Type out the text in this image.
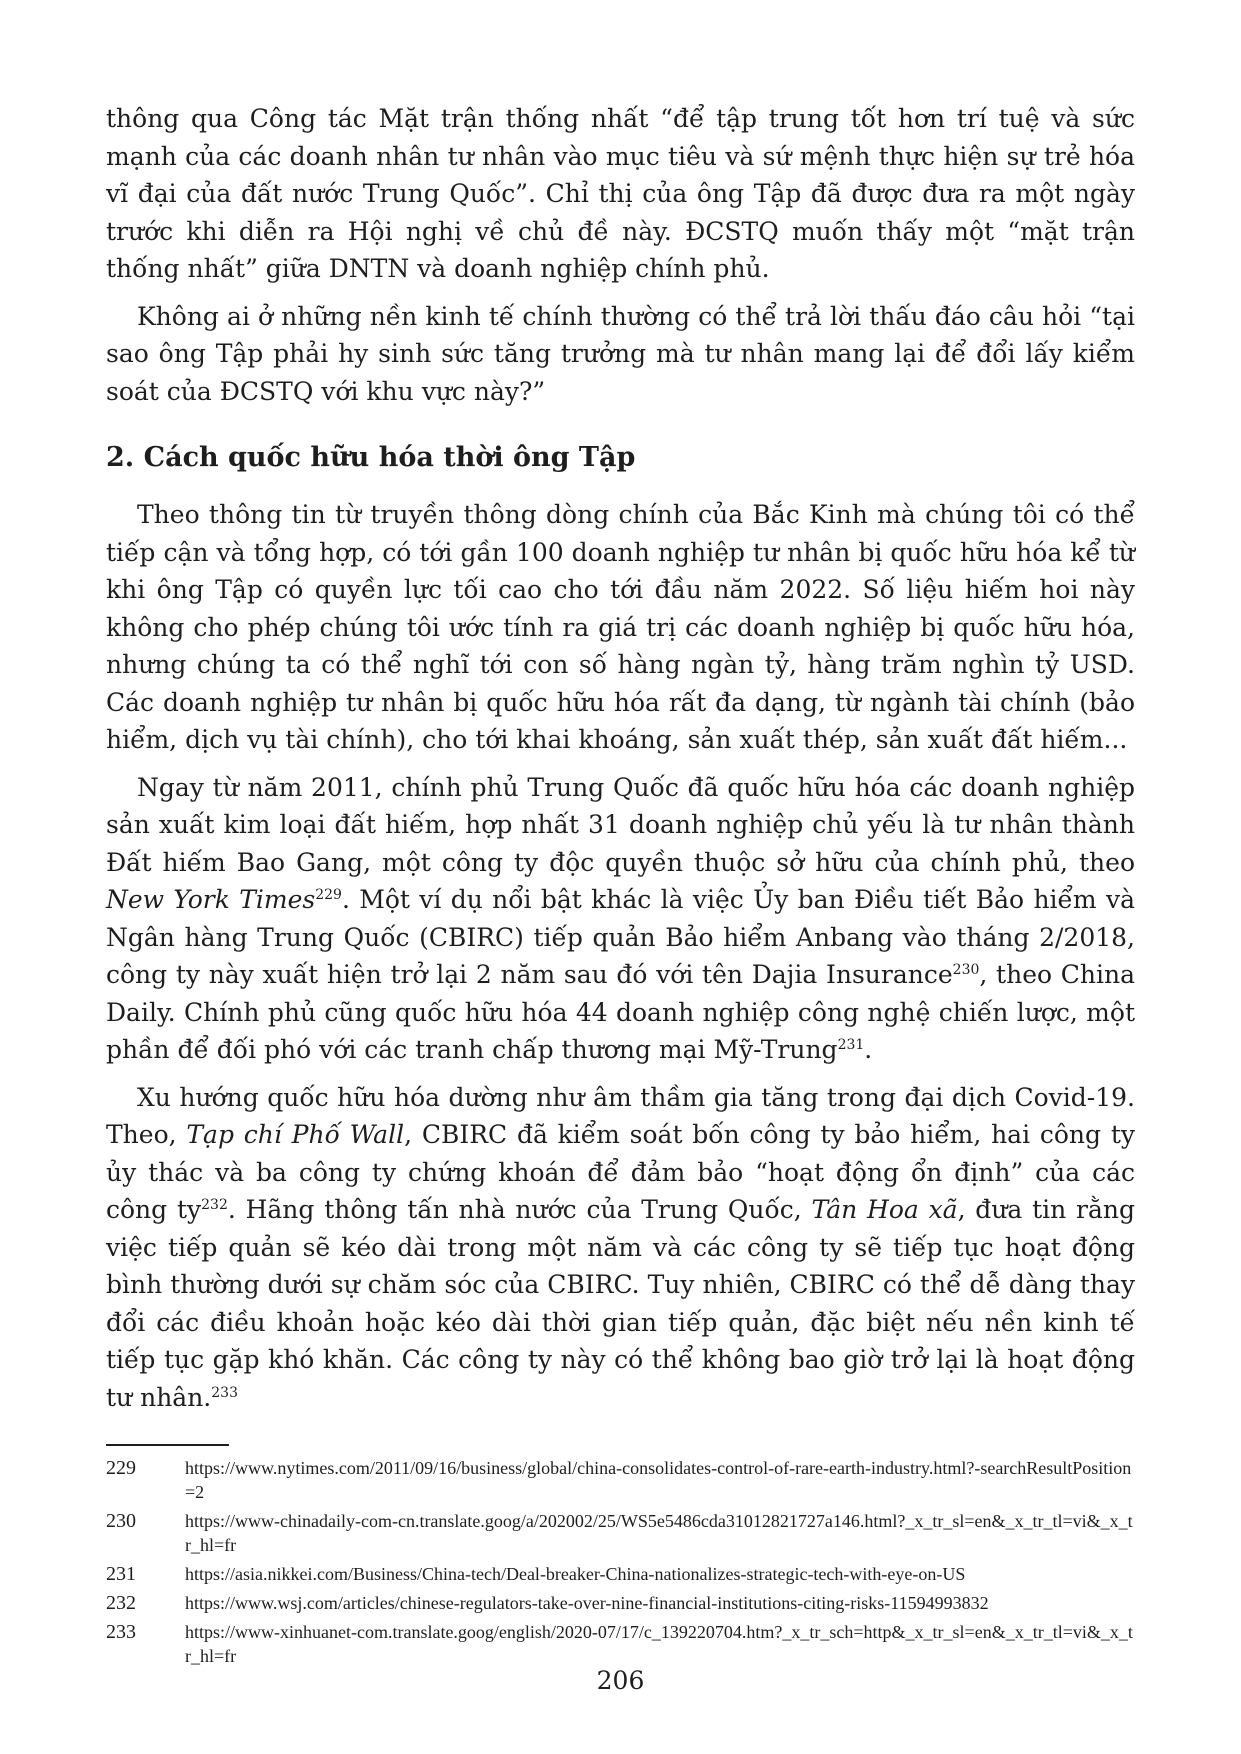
thông qua Công tác Mặt trận thống nhất “để tập trung tốt hơn trí tuệ và sức mạnh của các doanh nhân tư nhân vào mục tiêu và sứ mệnh thực hiện sự trẻ hóa vĩ đại của đất nước Trung Quốc”. Chỉ thị của ông Tập đã được đưa ra một ngày trước khi diễn ra Hội nghị về chủ đề này. ĐCSTQ muốn thấy một “mặt trận thống nhất” giữa DNTN và doanh nghiệp chính phủ.

Không ai ở những nền kinh tế chính thường có thể trả lời thấu đáo câu hỏi “tại sao ông Tập phải hy sinh sức tăng trưởng mà tư nhân mang lại để đổi lấy kiểm soát của ĐCSTQ với khu vực này?”

2. Cách quốc hữu hóa thời ông Tập

Theo thông tin từ truyền thông dòng chính của Bắc Kinh mà chúng tôi có thể tiếp cận và tổng hợp, có tới gần 100 doanh nghiệp tư nhân bị quốc hữu hóa kể từ khi ông Tập có quyền lực tối cao cho tới đầu năm 2022. Số liệu hiếm hoi này không cho phép chúng tôi ước tính ra giá trị các doanh nghiệp bị quốc hữu hóa, nhưng chúng ta có thể nghĩ tới con số hàng ngàn tỷ, hàng trăm nghìn tỷ USD. Các doanh nghiệp tư nhân bị quốc hữu hóa rất đa dạng, từ ngành tài chính (bảo hiểm, dịch vụ tài chính), cho tới khai khoáng, sản xuất thép, sản xuất đất hiếm...

Ngay từ năm 2011, chính phủ Trung Quốc đã quốc hữu hóa các doanh nghiệp sản xuất kim loại đất hiếm, hợp nhất 31 doanh nghiệp chủ yếu là tư nhân thành Đất hiếm Bao Gang, một công ty độc quyền thuộc sở hữu của chính phủ, theo New York Times$^{229}$. Một ví dụ nổi bật khác là việc Ủy ban Điều tiết Bảo hiểm và Ngân hàng Trung Quốc (CBIRC) tiếp quản Bảo hiểm Anbang vào tháng 2/2018, công ty này xuất hiện trở lại 2 năm sau đó với tên Dajia Insurance$^{230}$, theo China Daily. Chính phủ cũng quốc hữu hóa 44 doanh nghiệp công nghệ chiến lược, một phần để đối phó với các tranh chấp thương mại Mỹ-Trung$^{231}$.

Xu hướng quốc hữu hóa dường như âm thầm gia tăng trong đại dịch Covid-19. Theo, Tạp chí Phố Wall, CBIRC đã kiểm soát bốn công ty bảo hiểm, hai công ty ủy thác và ba công ty chứng khoán để đảm bảo “hoạt động ổn định” của các công ty$^{232}$. Hãng thông tấn nhà nước của Trung Quốc, Tân Hoa xã, đưa tin rằng việc tiếp quản sẽ kéo dài trong một năm và các công ty sẽ tiếp tục hoạt động bình thường dưới sự chăm sóc của CBIRC. Tuy nhiên, CBIRC có thể dễ dàng thay đổi các điều khoản hoặc kéo dài thời gian tiếp quản, đặc biệt nếu nền kinh tế tiếp tục gặp khó khăn. Các công ty này có thể không bao giờ trở lại là hoạt động tư nhân.$^{233}$

229	https://www.nytimes.com/2011/09/16/business/global/china-consolidates-control-of-rare-earth-industry.html?-searchResultPosition=2
230	https://www-chinadaily-com-cn.translate.goog/a/202002/25/WS5e5486cda31012821727a146.html?_x_tr_sl=en&_x_tr_tl=vi&_x_tr_hl=fr
231	https://asia.nikkei.com/Business/China-tech/Deal-breaker-China-nationalizes-strategic-tech-with-eye-on-US
232	https://www.wsj.com/articles/chinese-regulators-take-over-nine-financial-institutions-citing-risks-11594993832
233	https://www-xinhuanet-com.translate.goog/english/2020-07/17/c_139220704.htm?_x_tr_sch=http&_x_tr_sl=en&_x_tr_tl=vi&_x_tr_hl=fr
206
